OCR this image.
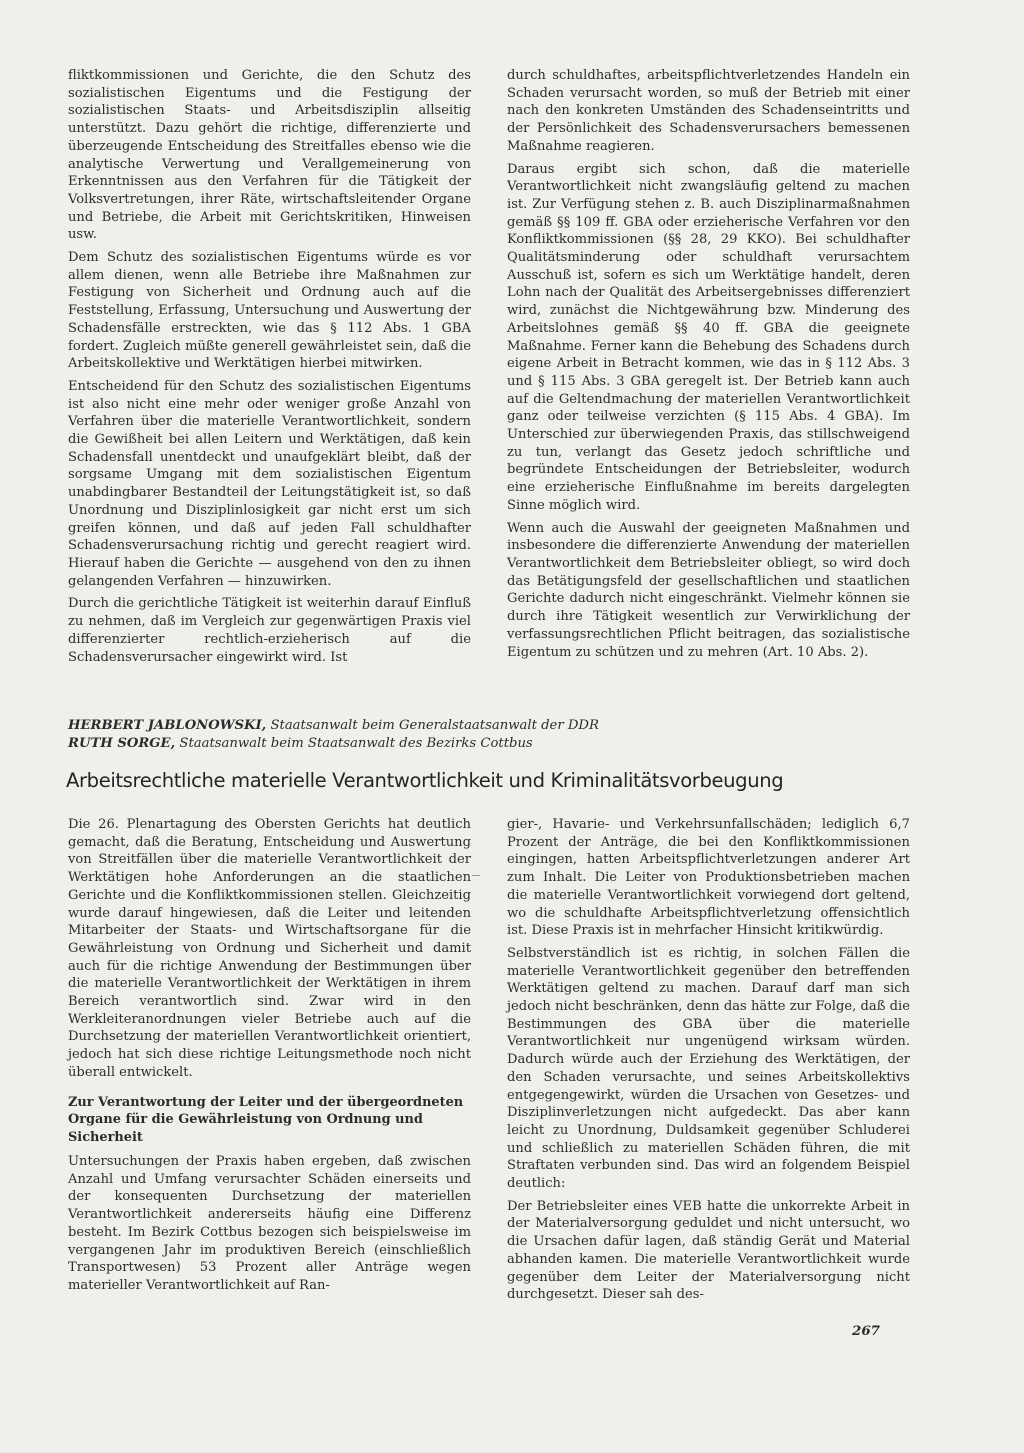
fliktkommissionen und Gerichte, die den Schutz des sozialistischen Eigentums und die Festigung der sozialistischen Staats- und Arbeitsdisziplin allseitig unterstützt. Dazu gehört die richtige, differenzierte und überzeugende Entscheidung des Streitfalles ebenso wie die analytische Verwertung und Verallgemeinerung von Erkenntnissen aus den Verfahren für die Tätigkeit der Volksvertretungen, ihrer Räte, wirtschaftsleitender Organe und Betriebe, die Arbeit mit Gerichtskritiken, Hinweisen usw.

Dem Schutz des sozialistischen Eigentums würde es vor allem dienen, wenn alle Betriebe ihre Maßnahmen zur Festigung von Sicherheit und Ordnung auch auf die Feststellung, Erfassung, Untersuchung und Auswertung der Schadensfälle erstreckten, wie das § 112 Abs. 1 GBA fordert. Zugleich müßte generell gewährleistet sein, daß die Arbeitskollektive und Werktätigen hierbei mitwirken.

Entscheidend für den Schutz des sozialistischen Eigentums ist also nicht eine mehr oder weniger große Anzahl von Verfahren über die materielle Verantwortlichkeit, sondern die Gewißheit bei allen Leitern und Werktätigen, daß kein Schadensfall unentdeckt und unaufgeklärt bleibt, daß der sorgsame Umgang mit dem sozialistischen Eigentum unabdingbarer Bestandteil der Leitungstätigkeit ist, so daß Unordnung und Disziplinlosigkeit gar nicht erst um sich greifen können, und daß auf jeden Fall schuldhafter Schadensverursachung richtig und gerecht reagiert wird. Hierauf haben die Gerichte — ausgehend von den zu ihnen gelangenden Verfahren — hinzuwirken.

Durch die gerichtliche Tätigkeit ist weiterhin darauf Einfluß zu nehmen, daß im Vergleich zur gegenwärtigen Praxis viel differenzierter rechtlich-erzieherisch auf die Schadensverursacher eingewirkt wird. Ist

durch schuldhaftes, arbeitspflichtverletzendes Handeln ein Schaden verursacht worden, so muß der Betrieb mit einer nach den konkreten Umständen des Schadenseintritts und der Persönlichkeit des Schadensverursachers bemessenen Maßnahme reagieren.

Daraus ergibt sich schon, daß die materielle Verantwortlichkeit nicht zwangsläufig geltend zu machen ist. Zur Verfügung stehen z. B. auch Disziplinarmaßnahmen gemäß §§ 109 ff. GBA oder erzieherische Verfahren vor den Konfliktkommissionen (§§ 28, 29 KKO). Bei schuldhafter Qualitätsminderung oder schuldhaft verursachtem Ausschuß ist, sofern es sich um Werktätige handelt, deren Lohn nach der Qualität des Arbeitsergebnisses differenziert wird, zunächst die Nichtgewährung bzw. Minderung des Arbeitslohnes gemäß §§ 40 ff. GBA die geeignete Maßnahme. Ferner kann die Behebung des Schadens durch eigene Arbeit in Betracht kommen, wie das in § 112 Abs. 3 und § 115 Abs. 3 GBA geregelt ist. Der Betrieb kann auch auf die Geltendmachung der materiellen Verantwortlichkeit ganz oder teilweise verzichten (§ 115 Abs. 4 GBA). Im Unterschied zur überwiegenden Praxis, das stillschweigend zu tun, verlangt das Gesetz jedoch schriftliche und begründete Entscheidungen der Betriebsleiter, wodurch eine erzieherische Einflußnahme im bereits dargelegten Sinne möglich wird.

Wenn auch die Auswahl der geeigneten Maßnahmen und insbesondere die differenzierte Anwendung der materiellen Verantwortlichkeit dem Betriebsleiter obliegt, so wird doch das Betätigungsfeld der gesellschaftlichen und staatlichen Gerichte dadurch nicht eingeschränkt. Vielmehr können sie durch ihre Tätigkeit wesentlich zur Verwirklichung der verfassungsrechtlichen Pflicht beitragen, das sozialistische Eigentum zu schützen und zu mehren (Art. 10 Abs. 2).

HERBERT JABLONOWSKI, Staatsanwalt beim Generalstaatsanwalt der DDR
RUTH SORGE, Staatsanwalt beim Staatsanwalt des Bezirks Cottbus
Arbeitsrechtliche materielle Verantwortlichkeit und Kriminalitätsvorbeugung

Die 26. Plenartagung des Obersten Gerichts hat deutlich gemacht, daß die Beratung, Entscheidung und Auswertung von Streitfällen über die materielle Verantwortlichkeit der Werktätigen hohe Anforderungen an die staatlichen Gerichte und die Konfliktkommissionen stellen. Gleichzeitig wurde darauf hingewiesen, daß die Leiter und leitenden Mitarbeiter der Staats- und Wirtschaftsorgane für die Gewährleistung von Ordnung und Sicherheit und damit auch für die richtige Anwendung der Bestimmungen über die materielle Verantwortlichkeit der Werktätigen in ihrem Bereich verantwortlich sind. Zwar wird in den Werkleiteranordnungen vieler Betriebe auch auf die Durchsetzung der materiellen Verantwortlichkeit orientiert, jedoch hat sich diese richtige Leitungsmethode noch nicht überall entwickelt.

Zur Verantwortung der Leiter und der übergeordneten Organe für die Gewährleistung von Ordnung und Sicherheit

Untersuchungen der Praxis haben ergeben, daß zwischen Anzahl und Umfang verursachter Schäden einerseits und der konsequenten Durchsetzung der materiellen Verantwortlichkeit andererseits häufig eine Differenz besteht. Im Bezirk Cottbus bezogen sich beispielsweise im vergangenen Jahr im produktiven Bereich (einschließlich Transportwesen) 53 Prozent aller Anträge wegen materieller Verantwortlichkeit auf Ran-

gier-, Havarie- und Verkehrsunfallschäden; lediglich 6,7 Prozent der Anträge, die bei den Konfliktkommissionen eingingen, hatten Arbeitspflichtverletzungen anderer Art zum Inhalt. Die Leiter von Produktionsbetrieben machen die materielle Verantwortlichkeit vorwiegend dort geltend, wo die schuldhafte Arbeitspflichtverletzung offensichtlich ist. Diese Praxis ist in mehrfacher Hinsicht kritikwürdig.

Selbstverständlich ist es richtig, in solchen Fällen die materielle Verantwortlichkeit gegenüber den betreffenden Werktätigen geltend zu machen. Darauf darf man sich jedoch nicht beschränken, denn das hätte zur Folge, daß die Bestimmungen des GBA über die materielle Verantwortlichkeit nur ungenügend wirksam würden. Dadurch würde auch der Erziehung des Werktätigen, der den Schaden verursachte, und seines Arbeitskollektivs entgegengewirkt, würden die Ursachen von Gesetzes- und Disziplinverletzungen nicht aufgedeckt. Das aber kann leicht zu Unordnung, Duldsamkeit gegenüber Schluderei und schließlich zu materiellen Schäden führen, die mit Straftaten verbunden sind. Das wird an folgendem Beispiel deutlich:

Der Betriebsleiter eines VEB hatte die unkorrekte Arbeit in der Materialversorgung geduldet und nicht untersucht, wo die Ursachen dafür lagen, daß ständig Gerät und Material abhanden kamen. Die materielle Verantwortlichkeit wurde gegenüber dem Leiter der Materialversorgung nicht durchgesetzt. Dieser sah des-

267
